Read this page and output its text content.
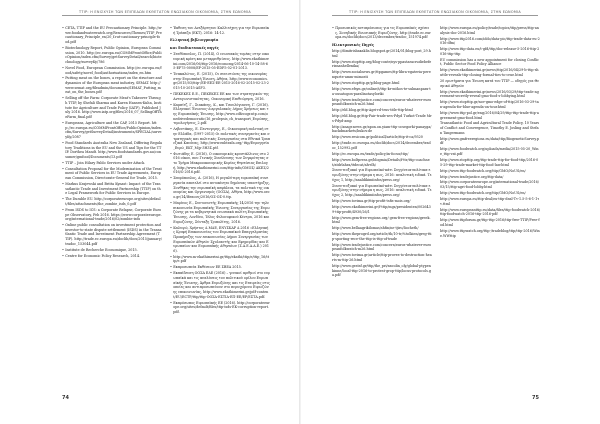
ΤΤΙΡ: Η ΕΝΙΣΧΥΣΗ ΤΩΝ ΕΠΙΠΕΔΩΝ ΕΚΘΕΤΑΤΟΝ ΕΝΩΣΙΑΚΟΝ ΟΙΚΟΝΟΜΙΑ, ΣΤΗΝ ΕΩΝΟΜΙΑ
•CETA, TTIP and the EU Precautionary Principle. http://www.foodandwaterwatch.org/Resources/Themes/TTIP_Precautionary_Principle_en/20_f.rut-cautionary-principle-food.pdf
•Biotechnology Report, Public Opinion, European Commission, 2010. http://ec.europa.eu/COMMFrontOffice/PublicOpinion/index.cfm/Survey/getSurveyDetail/search/biotechnology/surveyKy/786
•Novel Food, European Commission. http://ec.europa.eu/food/safety/novel_food/authorisations/index_en.htm
•Putting meat on the bones, a report on the structure and dynamics of the European meat industry, SEMAT. http://www.semat.org/fileadmin/documents/SEMAT_Putting_meat_on_the_bones.pdf
•Selling off the Farm: Corporate Meat's Takeover Through TTIP, by Shefali Sharma and Karen Hansen-Kuhn, Institute for Agriculture and Trade Policy (IATP), Published July 2016. http://www.iatp.org/files/2016_07_SellingOffTheFarm_final.pdf
•Europeans, Agriculture and the CAP, 2015 Report. http://ec.europa.eu/COMMFrontOffice/PublicOpinion/index.cfm/Survey/getSurveyDetail/instruments/SPECIAL/surveyKy/2087
•Food Standards Australia New Zealand, Differing Regulatory Traditions in the EU and the US and Tips for the TTIP. Dorthea Mandt. http://www.foodstandards.gov.au/consumer/gmfood/Documents/13.pdf
•TTIP – Join Hilary Pablo Services under Attack.
•Consultation Proposal for the Modernisation of the Treatment of Public Services in EU Trade Agreements, European Commission, Directorate-General for Trade, 2015.
•Markus Krajewski and Britta Kynast: Impact of the Transatlantic Trade and Investment Partnership (TTIP) on the Legal Framework for Public Services in Europe.
•The Durable EU. http://corporateeurope.org/sites/default/files/attachments/the_zombie_isds_0.pdf
•From ISDS to ICS: a Corporate Relapse, Corporate Europe Observatory, Feb 2016. https://www.corporateeurope.org/international-trade/2016/02/zombie-isds
•Online public consultation on investment protection and investor-to-state dispute settlement (ISDS) in the Transatlantic Trade and Investment Partnership Agreement (TTIP). http://trade.ec.europa.eu/doclib/docs/2015/january/tradoc_153044.pdf
•Institute de Recherche Economique, 2015.
•Centre for Economic Policy Research, 2014.
•Έκθεση του Ανεξάρτητου Καλλιτέχνη για την Ευρωπαϊκή Τράπεζα (ΕΚΤ), 2016: 14-12.
Ελληνική βιβλιογραφία
και διαδικτυακές πηγές
•Σταθόπουλος, Π. (2014), Ο ενωσιακός τομέας στην οικονομική κρίση και μεταρρυθμίσεις. http://www.ekathimerini.com/2016/06/ttip-2016/economy/2014-06-10-14-58-65-EF75-0008/EP-2015-05-EDF5-02-01-2013.
•Τσακαλώτος, Ε. (2015), Οι συνιστώσες της οικονομίας στην Ευρωπαϊκή Ένωση, Αθήνα, http://www.economics.gr/2015/03/ttip-/ΕΕ-ΕΕΣ-ΕΕ-2015-2016-02-2015-02-23-2015-10-2015-ASF3.
•ΠΕΚΕΚΕΣ Ε.Ε., ΠΕΚΕΚΕΣ ΕΕ και των στρατηγικών της Ανταγωνιστικότητας, Οικονομική Επιθεώρηση, 2016.
•Καμπίτζ, Γ., Σιακάνης, Κ., και Τσουλόγιαννη, Γ. (2016), Ελληνικοί Ένωσιος-Διεργαλιακός Δήμος Χρήσεως και της Ευρωπαϊκής Ένωσης, http://www.cdfzcogr.ntp.com/onedrivedemocratic/16_prolepsis_ch_transport_Ευρώπης_τιμολογήσεις_2.pdf.
•Λεβεντάκης, Ε. Πεντογερης, Ε., Οικονομική πολιτική στην Ελλάδα, (1997-2015) Οι πολιτικές συνεργασίες και στρατηγικές και πολιτικές Συνεργασίας στα Εθνικά Τραπεζικά Κανόνας, http://www.enbtrafa.org/ ttip/Ενρογησία_Ευρώ_ΕΚΤ_Μ/p-3Η3Σ.ptf.
•Φωτιάδης Ε. (2016), Ο οικονομικός κρυστάλλινος στο 2016 οίκου, που Γενικής Συνέλευσης των Συγκρότητας στο Τμήμα Μακροοικονομικής Κυρίας Θησεύειας Επιλογή, http://www.ekathimerini.com/ttip-info/ΟΜΟΣ/ ΑΚΕΣ/2016/Ο 2016.pdf.
•Σπυρόπουλος, Α. (2016), Η μεγαλύτερη ευρωπαϊκή συνεργασία αποτελεί στο αυτοκίνητο δημόσιας υποστήριξης, Συνθήκες την ευρωπαϊκή ασφάλεια, τα πολιτικά της οικονομίας και Οργανισμός (ΟΟΣΑ), Αθήνα, http://www.oeco.gr/14/Ιfσαοσς/2016/ΟΣ-ΟΣ-0.ttp.
•Μαρίνος Ε., Συντονιστής Ευρωπαϊκής 14/2016 την τηλεπικοινωνία Ευρωπαϊκής Ένωσης Συνεργασίας της Ευρωζώνης με τα κυβερνητικά ενωσιακά πολίτη Ευρωπαϊκής Ένωσης, Λονδίνο, Τέλος Φιλοσοφικού Κέντρα, 2016 και Ευρωζώνης, Σύνταξη Τριπολίτης, 2016.
•Καλυψώ, Χρήστος Δ.ΜΔΕ, ΕΝΥΣΚΑΡ Δ.2016 «Ελληνικής Κρυφή Επικοινωνίας του Ευρωπαϊκού Επαγγελματίας Προκήρυξης των επικοινωνίας Δήμου Συνεργασίας των Ευρωπαϊκών Αθηνών Σχολιαστής και Εφημερίδας και Ευρωπαίων και Ευρωπαϊκής Αθηναίων (Σ.Α.Ε.Α.Α.Ε.) 2016).
•http://www.m-ekathimerini.gr/ttip/ekathi/ttip/e/ttip_16/ttip/e.pdf
•Εκπροσωπεία Εκθέσεων ΕΕ ΣΒΕΑ 2015.
•Εκπαίδευση ΟΟΣΑ ΕΔΕ (2016) – γενικοί αριθμοί στο ευρωπαϊκά και τις αναλύσεις του πολιτικού ομίλου Ευρωπαϊκής Ένωσης, Άρθρα Ευρωζώνης και τις Εταιρείες στις οποίες και αντιπροσωπεύουν στο περιεχόμενο Ευρωζώνης επικοινωνίας, http://www.ekathimerini.gr/pdf-content/EU/ECTP/ttip/ttip-ΟΟΣΑ-ΕΣΤΙΑ-ΕΠ-ΕΕ/ΕΡ/ΕΣΤΑ.pdf.
•Εκπρόσωπος Ευρωπαϊκής ΕΕ (2016). http://corporateeurope.org/sites/default/files/ttip-isds-ΕΚ-corruption-report.pdf.
74
ΤΤΙΡ: Η ΕΝΙΣΧΥΣΗ ΤΩΝ ΕΠΙΠΕΔΩΝ ΕΚΘΕΤΑΤΟΝ ΕΝΩΣΙΑΚΟΝ ΟΙΚΟΝΟΜΙΑ, ΣΤΗΝ ΕΩΝΟΜΙΑ
•Προσωπικός αντιπρόσωπος για τις Ευρωπαϊκές σχέσεις, Σουηδικής Ενωσιακής Ευρωζώνης. http://trade.ec.europa.eu/doclib/docs/2013/december/tradoc_151974.pdf
Ηλεκτρονικές Πηγές
http://dimitrisbaxaklis.blogspot.gr/2014/01/blog-post_29.html
http://www.stopttip.org/blog-contr/nys-ppastaracrudiebeferisnanhellenika/
http://www.socialnews.gr/ttpgames/ttp-libra-egateria-perenquete-amm-mimosti
http://www.stopttip.gr/p/blog-page.html
http://www.efsyn.gr/online/t/ttip-kr-mthos-te-sulmanpara-ta-ousatogon-paralinotasyloriki
http://www.tradejustice.com/concern/euros-whatever-europeanfolkwatch-m26.html
http://eld.blog.gr/ttip-Agri-rd-trus-title-ttip-html
http://eld.blog.gr/ttip-Fair-trade-nvs-Pdyd Turkot-Trade Mrs-Pdyd-amp
http://anagr.news.gr/apon.on.yiam-ttip-ocsegorki-panayga/backdmarkets/bukov.de
http://www.resicom.gr/politicall/article/ttip-it-ca/9520
http://trade.ec.europa.eu/doclib/docs/2014/december/tradoc_152992.pdf
http://ec.europa.eu/trade/policy/in-focus/ttip/
http://www.boltpress.gr/blogmia/Details/f-ttr/ttip-coachnet/atdrlahra/ttdecat/alvelh/
Συνεντευξιακό για Ευρωπαϊκό-κάτι Συγγένεια-πολίτικα-ευρωζώνης-στην σήμερα η πως, 2016: αναλυτική ειδικά. Τεύχος 1, http://analdikimiinfos/press.org/
Συνεντευξιακό για Ευρωπαϊκό-κάτι Συγγένεια-πολίτικα-ευρωζώνης-στην σήμερα η πως, 2016: αναλυτική ειδικά. Τεύχος 2, http://analdikimiinfos/press.org/
http://www.tovima.gr/ttip-profit-tsfis-mois.org/
http://www.ekathimerini.gr/f-ttip/mgz/presidenten/0026439-ttip-profit/4930/26/1
http://www.gem-free-regions.org/ gem-free-regions/greek.html
http://www.bellaagrikilomas/shfin/ne-tjiro/liocheth/
http://www.theprogrd.org/article/th/10-tr/%tolkien/greg-ttip-sporting-rece-the-ttip-is-ttip-of-trade
http://www.tradejustice.com/concern/euros-whatever-europeanfolkwatch-m26.html
http://www.tovima.gr/article/ttip-proves-to-destruction-hearts-m-ttip-26.html
http://www.gestsf.gr/ttip/the_pri/nxcolin_oly/global-ptypenkinne/local-ttip-2016-to-protest-grop-ttip/locus-protocols.ga.pdf
http://www.europa.eu/policy/trade/topics/ttip/press/ttip-analysis-doc-2016.html
http://www.ttip2016.com/iddo/data-pic/ttip-trade-data-eu-2016-dfm/
http://www.ttip-data.eu/t-gfd/ttip/doc-release-5-2016-ttip-2016-ttip-ttip
EU commission has a new appointment for closing Conflict, Public Sector Food Policy Alliance
http://www.ekathimerini.gr/news/ttip/2016/04/29-b-ttip-shuttle-reveals-ttip-closing-formal-ties-to-crue.html
20 ερωτήματα για Ένωση κατά του ΤΤΙΡ — οδηγός για Θεσμικό Αθηνών
http://www.ekathimerini.gr/news/2016/03/29/ttip-trade-agreement-secretly-reveal-gmo-food-s-lobbying.html
http://www.stopttip.gr/nov-gmo-edge-of-ttip/2016-03-29-tan-agenda-for-blue-agenda-on-tour.html
http://www.ttip-pol.gr/eng/2016/04/29/ttip-ttip-trade-ttip-agreement-gmo-food.html
Transatlantic Food and Agricultural Trade Policy, 10 Years of Conflict and Convergence, Timothy E. Josling and Stefan Tangermann
http://www.gmfreeregions.eu/data/ttip/BiogeneticSurvey.pdf
http://www.foodwatch.org/uploads/media/2015-05-20_Wine_ttip-vat.pdf
http://www.stopttip.org/ttip-trade-ttip-for-food-ttip/2016-05-29-ttip-trade-market-ttip-food-law.html
http://www.ttip-foodwatch.org/ttip/GMO/NoUS/en/
http://www.tradejustice.org/ttip-data/
http://www.corporateeurope.org/international-trade/2016/03/15/ttip-agri-food-lobby.html
http://www.ttip-foodwatch.org/ttip/GMO/NoUS/en/
http://www.europa.eu/ttip-deal/eu-ttip-deal-Ττ-1.5-5-6-1-1ττ.ttml
http://www.europeanttip.eu/data/files/ttip-foodwatch-2016/ttip-foodwatch-2016-ttip-2016-pdf
http://www.ttipforum.gr/ttip-ttip-2016/ttip-free-TTIP/Free-fod.html
http://www.ttipwatch.org/ttip-/tradeblog/ttip/ttip-2016/Wine.WWttip
75
